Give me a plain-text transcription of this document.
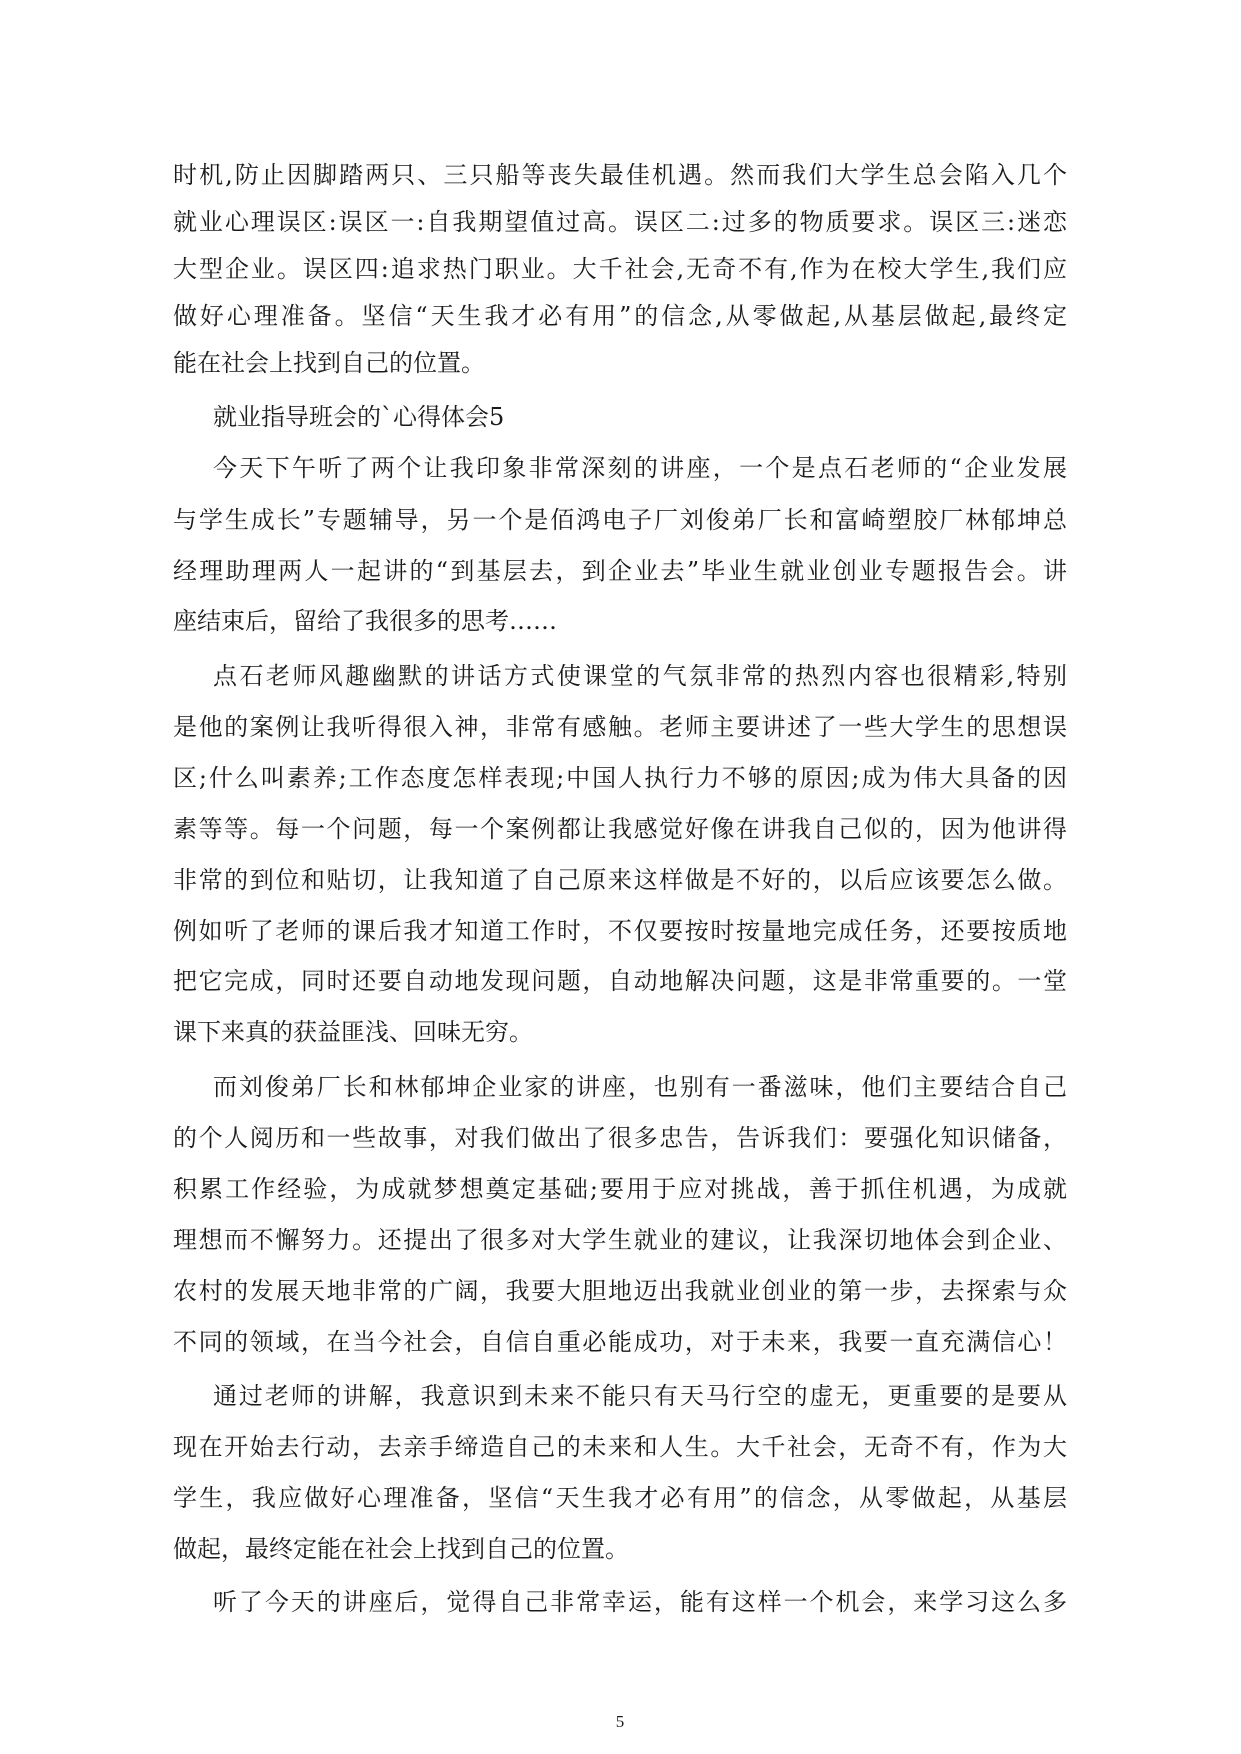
时机,防止因脚踏两只、三只船等丧失最佳机遇。然而我们大学生总会陷入几个
就业心理误区:误区一:自我期望值过高。误区二:过多的物质要求。误区三:迷恋
大型企业。误区四:追求热门职业。大千社会,无奇不有,作为在校大学生,我们应
做好心理准备。坚信“天生我才必有用”的信念,从零做起,从基层做起,最终定
能在社会上找到自己的位置。
就业指导班会的`心得体会5
今天下午听了两个让我印象非常深刻的讲座，一个是点石老师的“企业发展
与学生成长”专题辅导，另一个是佰鸿电子厂刘俊弟厂长和富崎塑胶厂林郁坤总
经理助理两人一起讲的“到基层去，到企业去”毕业生就业创业专题报告会。讲
座结束后，留给了我很多的思考……
点石老师风趣幽默的讲话方式使课堂的气氛非常的热烈内容也很精彩,特别
是他的案例让我听得很入神，非常有感触。老师主要讲述了一些大学生的思想误
区;什么叫素养;工作态度怎样表现;中国人执行力不够的原因;成为伟大具备的因
素等等。每一个问题，每一个案例都让我感觉好像在讲我自己似的，因为他讲得
非常的到位和贴切，让我知道了自己原来这样做是不好的，以后应该要怎么做。
例如听了老师的课后我才知道工作时，不仅要按时按量地完成任务，还要按质地
把它完成，同时还要自动地发现问题，自动地解决问题，这是非常重要的。一堂
课下来真的获益匪浅、回味无穷。
而刘俊弟厂长和林郁坤企业家的讲座，也别有一番滋味，他们主要结合自己
的个人阅历和一些故事，对我们做出了很多忠告，告诉我们：要强化知识储备，
积累工作经验，为成就梦想奠定基础;要用于应对挑战，善于抓住机遇，为成就
理想而不懈努力。还提出了很多对大学生就业的建议，让我深切地体会到企业、
农村的发展天地非常的广阔，我要大胆地迈出我就业创业的第一步，去探索与众
不同的领域，在当今社会，自信自重必能成功，对于未来，我要一直充满信心！
通过老师的讲解，我意识到未来不能只有天马行空的虚无，更重要的是要从
现在开始去行动，去亲手缔造自己的未来和人生。大千社会，无奇不有，作为大
学生，我应做好心理准备，坚信“天生我才必有用”的信念，从零做起，从基层
做起，最终定能在社会上找到自己的位置。
听了今天的讲座后，觉得自己非常幸运，能有这样一个机会，来学习这么多
5
